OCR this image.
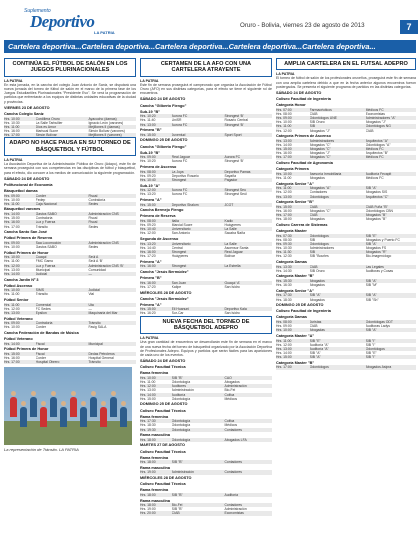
Suplemento
Deportivo
LA PATRIA
Oruro - Bolivia, viernes 23 de agosto de 2013	7
Cartelera deportiva...Cartelera deportiva...Cartelera deportiva...Cartelera deportiva...Cartelera deportiva...
CONTINÚA EL FÚTBOL DE SALÓN EN LOS JUEGOS PLURINACIONALES
LA PATRIA
En esta jornada, en la cancha del colegio Juan Antonio de Saniz, se disputará una nueva jornada del torneo de fútbol de salón en el marco de la primera fase de los Juegos Estudiantiles Plurinacionales "Presidente Evo". Se verá la programación de partidos que enfrentarán a los equipos de distintas unidades educativas de la ciudad y provincias.
VIERNES 23 DE AGOSTO
Cancha Colegio Saniz
Hrs. 10:00	Cordillera Oruro	Ayacucho (damas)
Hrs. 10:30	La Salle Tarbullier	Ignacio León (varones)
Hrs. 11:00	Dios es Amor	Mejillones II (damas)
Hrs. 16:00	Mariscal Sucre	Simón Bolívar (varones)
Hrs. 17:00	Simón Bolívar	Mejillones II (varones)
ADAPO NO HACE PAUSA EN SU TORNEO DE BÁSQUETBOL Y FÚTBOL
LA PATRIA
La Asociación Deportiva de la Administración Pública de Oruro (Adapo), este fin de semana proseguirá con sus competencias en las disciplinas de fútbol y básquetbol, para el efecto, dio conocer a los medios de comunicación la siguiente programación.
SÁBADO 24 DE AGOSTO
Polifuncional de Economía
Básquetbol damas
Hrs. 09:00	Corder	Fiscal
Hrs. 10:00	Fedep	Contraloría
Hrs. 11:00	Caja Nacional	Sedes
Básquetbol varones
Hrs. 14:00	Gastos SABO	Administración CNS
Hrs. 15:00	Contraloría	Fiscal
Hrs. 16:00	Luz y Fuerza	Fiscal
Hrs. 17:00	Tránsito	Sedes
Cancha Santo San José
Fútbol Primera de Reserva
Hrs. 09:00	Saa Locomoción	Administración CNS
Hrs. 10:00	Gastos SABO	Sedes
Fútbol Primera de Honor
Hrs. 10:00	Cuaqui	Seúl A
Hrs. 11:00	FMC Gamo	Seúl A ‘B’
Hrs. 12:00	Luz y Fuerza	Administración CNS ‘B’
Hrs. 13:00	Municipal	Comunidad
Hrs. 14:00	Judicial	—
Cancha Jardín Nº 3
Fútbol Ascenso
Hrs. 10:00	SIMS	Judicial
Hrs. 11:00	Tránsito	Vial
Fútbol Senior
Hrs. 11:00	Comercial	Uta
Hrs. 12:00	FC Sedes	—
Hrs. 13:00	Epsilon	Maquinaria del Mar
Fútbol Veterano
Hrs. 09:00	Contraloría	Tránsito
Hrs. 10:00	Corder	Fasig SALA
Cancha Federación de Bandas de Música
Fútbol Veterano
Hrs. 14:00	Fiscal	Municipal
Fútbol Primera de Honor
Hrs. 15:00	Fiscal	Dedas Petroleros
Hrs. 16:00	Corder	Hospital General
Hrs. 17:00	Hospital Obrero	Tránsito
La representación de Tránsito. LA PATRIA
CERTAMEN DE LA AFO CON UNA CARTELERA ATRAYENTE
LA PATRIA
Este fin de semana proseguirá el campeonato que organiza la Asociación de Fútbol Oruro (AFO) en sus distintas categorías, para el efecto se tiene el siguiente rol de encuentros.
SÁBADO 24 DE AGOSTO
Cancha "Gilberto Fiengo"
Sub-19 "B"
Hrs. 10:20	Aurora FC	Strongest ‘B’
Hrs. 11:40	UniSR	Rosario Central
Hrs. 13:00	Aurora FC	Strongest ‘B’
Primera "B"
Hrs. 15:00	Juventud	Sport Sport
DOMINGO 25 DE AGOSTO
Cancha "Gilberto Fiengo"
Sub-19 "B"
Hrs. 09:00	Real Jaguar	Aurora FC
Hrs. 10:20	Aurora FC	Strongest ‘B’
Primera de Ascenso
Hrs. 08:00	La Joya	Deportivo Pamas
Hrs. 09:20	Deportivo Rosario	Sayaña
Hrs. 10:40	Strongest	Pagador
Sub-19 "A"
Hrs. 12:00	Aurora FC	Strongest Seu
Hrs. 13:20	Aurora FC	Strongest Seúl
Primera "A"
Hrs. 15:00	Deportivo Shalom	JCOT
Cancha Bermejo Fiengo
Primera de Reserva
Hrs. 08:00	Italia	Kadic
Hrs. 09:20	Marcial Sucre	Huáyperes
Hrs. 10:40	Universitario	La Salle
Hrs. 12:00	San Antonio	Sacaba Ñaña
Segunda de Ascenso
Hrs. 13:20	Universitario	La Salle
Hrs. 14:40	Central	Ascensor Santa
Hrs. 16:00	Strongest	Real Jaguar
Hrs. 17:20	Huáyperes	Bolívar
Primera "A"
Hrs. 16:00	Strongest	La Estrella
Cancha "Jesús Bermúdez"
Primera "B"
Hrs. 16:00	San Juan	Guaqui ‘A’
Hrs. 17:20	Kalipe	San Isidro
MIÉRCOLES 28 DE AGOSTO
Cancha "Jesús Bermúdez"
Primera "A"
Hrs. 15:00	Eil Huanuni	Deportivo Kala
Hrs. 16:20	Sur-Car	San Isidro
NUEVA FECHA DEL TORNEO DE BÁSQUETBOL ADEPRO
LA PATRIA
Una gran cantidad de encuentros se desarrollarán este fin de semana en el marco de una nueva fecha del torneo de básquetbol organizado por la Asociación Deportiva de Profesionales Adepro. Equipos y partidos que serán fáciles para las apariciones de cada uno de los eventos.
SÁBADO 24 DE AGOSTO
Coliseo Facultad Técnica
Rama femenina
Hrs. 10:00	SIB "B"	CAO
Hrs. 11:00	Odontología	Abogados
Hrs. 12:00	Auditores	Administración
Hrs. 13:00	Administración	Bio-Fei
Hrs. 14:00	Auditoría	Colfoa
Hrs. 15:00	Odontología	Médicos
DOMINGO 25 DE AGOSTO
Coliseo Facultad Técnica
Rama femenina
Hrs. 17:30	Odontología	Colfoa
Hrs. 18:30	Odontología	Médicos
Hrs. 19:30	Odontología	Contadores
Rama masculina
Hrs. 18:00	Odontología	Abogados LFA
MARTES 27 DE AGOSTO
Coliseo Facultad Técnica
Rama femenina
Hrs. 18:00	SIB "B"	Contadores
Rama masculina
Hrs. 19:00	Administración	Contadores
MIÉRCOLES 28 DE AGOSTO
Coliseo Facultad Técnica
Rama femenina
Hrs. 18:00	SIB "B"	Auditoría
Rama masculina
Hrs. 18:00	Bio-Fei	Contadores
Hrs. 19:00	SIB "B"	Administración
Hrs. 20:00	CIAB	Economistas
AMPLIA CARTELERA EN EL FUTSAL ADEPRO
LA PATRIA
El torneo de fútbol de salón de los profesionales oruveños, proseguirá este fin de semana con una amplia cartelera debido a que en la fecha anterior algunos encuentros fueron postergados. Se presenta el siguiente programa de partidos en las distintas categorías.
SÁBADO 24 DE AGOSTO
Coliseo Facultad de Ingeniería
Categoría Honor
Hrs. 07:00	Farmacéuticos	Médicos FC
Hrs. 08:00	CIAB	Economistas
Hrs. 09:00	Odontólogos UNE	Administradores "A"
Hrs. 10:00	SIB Oruro	Abogados "J"
Hrs. 11:00	SIB	Odontólogos NG
Hrs. 12:00	Abogados "J"	CIAB
Categoría Primera de Ascenso
Hrs. 13:00	Administradores	Arquitectos "A"
Hrs. 14:00	Abogados "C"	Odontólogos "A"
Hrs. 15:00	Abogados "C"	Médicos FC
Hrs. 16:00	Abogados "J"	Arquitectos "B"
Hrs. 17:00	Abogados "C"	Médicos FC
Coliseo Facultad de Agronomía
Categoría Primera
Hrs. 10:00	Asesoría Inmobiliaria	Auditoría Fecapit
Hrs. 11:00	Abogados	Médicos FC
Categoría Senior "A"
Hrs. 11:00	Abogados "A"	SIB "A"
Hrs. 12:00	Contadores	Abogados SIS
Hrs. 13:00	Odontólogos	Arquitectos "C"
Categoría Senior "B"
Hrs. 15:00	CIAB	CIAB Fuña "B"
Hrs. 16:00	Abogados "C"	Odontólogos CBN
Hrs. 17:00	CIAB	Abogados "B"
Hrs. 18:00	Abogados	Abogados "B"
Coliseo Carrera de Sistemas
Categoría Master
Hrs. 07:30	Odontólogos	SIB "E"
Hrs. 08:30	SIB	Abogados y Puerto FC
Hrs. 09:30	Odontólogos	SIB "A"
Hrs. 10:30	Administradores	Abogados FS
Hrs. 11:30	SIB	Abogados "R"
Hrs. 12:30	SIB "Bourles	Bio-Imagenólogo
Categoría Damas
Hrs. 13:30	CIAB	Las Legales
Hrs. 14:30	SIB Oruro	Auditoras y Cosas
Categoría Master "B"
Hrs. 15:30	Abogados	SIB "A"
Hrs. 16:30	Abogados	SIB "M"
Categoría Senior "A"
Hrs. 17:30	SIB "A"	SIB "A"
Hrs. 18:30	Abogados	SIB "Sh"
DOMINGO 25 DE AGOSTO
Coliseo Facultad de Ingeniería
Categoría Damas
Hrs. 08:00	Juristas	Odontólogas ODT
Hrs. 09:00	CIAB	Auditoras Ladys
Hrs. 10:00	Abogadas	SIB "A"
Categoría Master "A"
Hrs. 11:00	SIB "E"	SIB "I"
Hrs. 12:00	Auditoría "A"	SIB "I"
Hrs. 13:00	Auditoría "A"	Odontólogos
Hrs. 14:00	SIB "A"	SIB "E"
Hrs. 15:00	SIB "A"	SIB "I"
Categoría Master "B"
Hrs. 17:00	Odontólogos	Abogados Asipra
